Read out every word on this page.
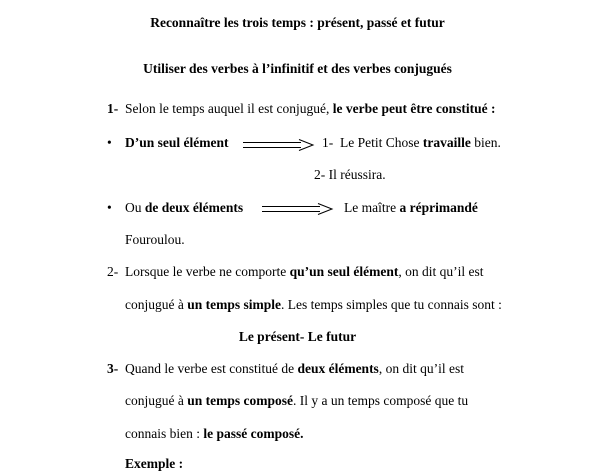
Reconnaître les trois temps : présent, passé et futur
Utiliser des verbes à l’infinitif et des verbes conjugués
1- Selon le temps auquel il est conjugué, le verbe peut être constitué :
• D’un seul élément	1- Le Petit Chose travaille bien.
2- Il réussira.
• Ou de deux éléments	Le maître a réprimandé
Fouroulou.
2- Lorsque le verbe ne comporte qu’un seul élément, on dit qu’il est
conjugué à un temps simple. Les temps simples que tu connais sont :
Le présent- Le futur
3- Quand le verbe est constitué de deux éléments, on dit qu’il est
conjugué à un temps composé. Il y a un temps composé que tu
connais bien : le passé composé.
Exemple :
